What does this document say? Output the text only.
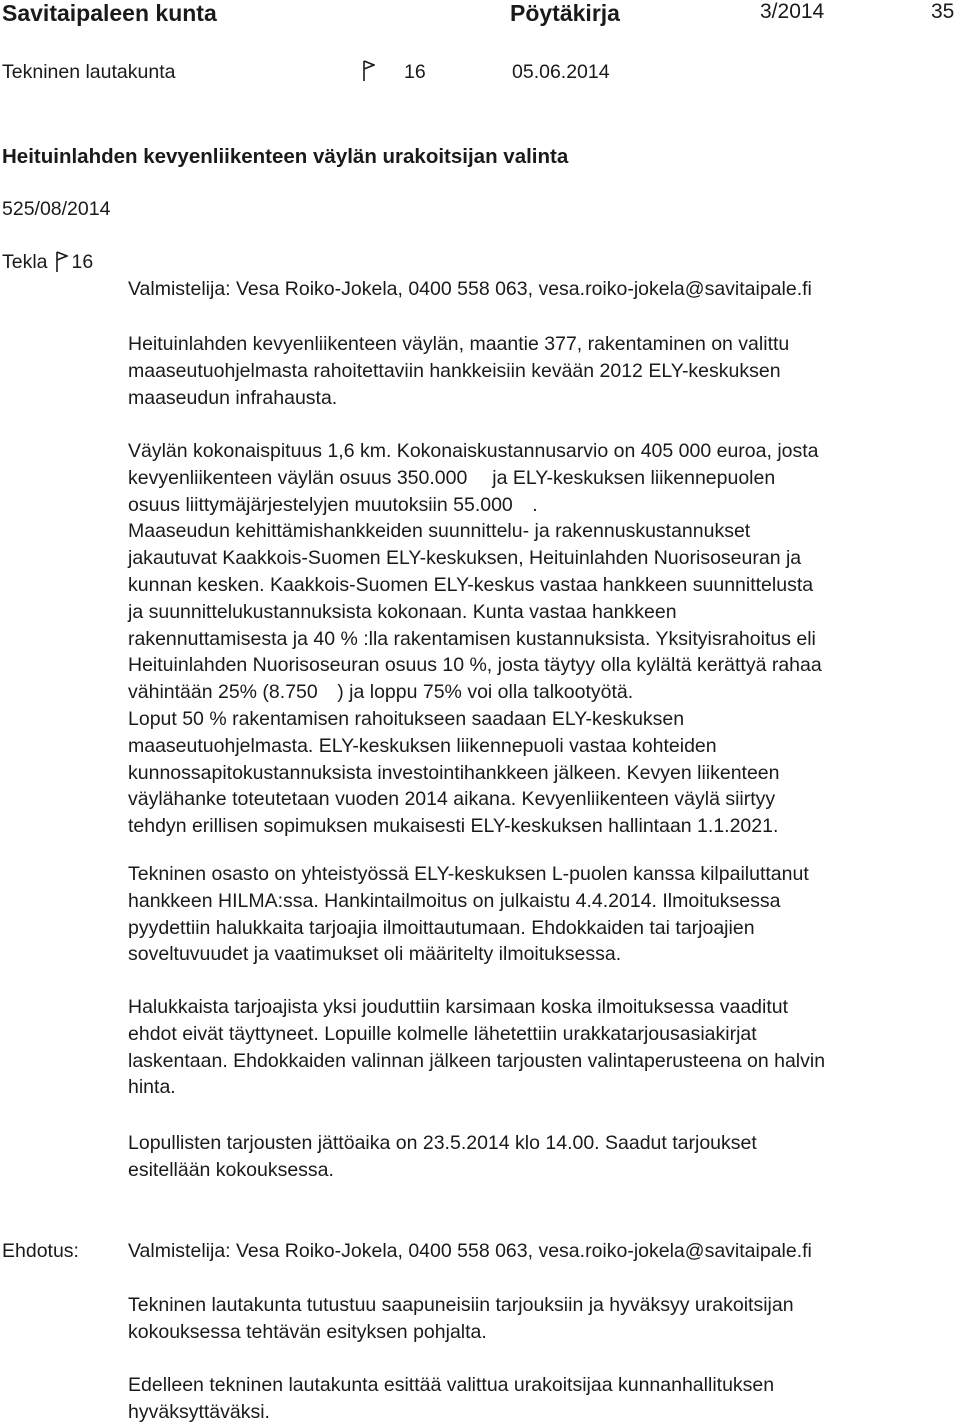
Savitaipaleen kunta	Pöytäkirja	3/2014	35
Tekninen lautakunta	16	05.06.2014
Heituinlahden kevyenliikenteen väylän urakoitsijan valinta
525/08/2014
Tekla 16
Valmistelija: Vesa Roiko-Jokela, 0400 558 063, vesa.roiko-jokela@savitaipale.fi
Heituinlahden kevyenliikenteen väylän, maantie 377, rakentaminen on valittu
maaseutuohjelmasta rahoitettaviin hankkeisiin kevään 2012 ELY-keskuksen
maaseudun infrahausta.
Väylän kokonaispituus 1,6 km. Kokonaiskustannusarvio on 405 000 euroa, josta
kevyenliikenteen väylän osuus 350.000  ja ELY-keskuksen liikennepuolen
osuus liittymäjärjestelyjen muutoksiin 55.000  .
Maaseudun kehittämishankkeiden suunnittelu- ja rakennuskustannukset
jakautuvat Kaakkois-Suomen ELY-keskuksen, Heituinlahden Nuorisoseuran ja
kunnan kesken. Kaakkois-Suomen ELY-keskus vastaa hankkeen suunnittelusta
ja suunnittelukustannuksista kokonaan. Kunta vastaa hankkeen
rakennuttamisesta ja 40 % :lla rakentamisen kustannuksista. Yksityisrahoitus eli
Heituinlahden Nuorisoseuran osuus 10 %, josta täytyy olla kylältä kerättyä rahaa
vähintään 25% (8.750  ) ja loppu 75% voi olla talkootyötä.
Loput 50 % rakentamisen rahoitukseen saadaan ELY-keskuksen
maaseutuohjelmasta. ELY-keskuksen liikennepuoli vastaa kohteiden
kunnossapitokustannuksista investointihankkeen jälkeen. Kevyen liikenteen
väylähanke toteutetaan vuoden 2014 aikana. Kevyenliikenteen väylä siirtyy
tehdyn erillisen sopimuksen mukaisesti ELY-keskuksen hallintaan 1.1.2021.
Tekninen osasto on yhteistyössä ELY-keskuksen L-puolen kanssa kilpailuttanut
hankkeen HILMA:ssa. Hankintailmoitus on julkaistu 4.4.2014. Ilmoituksessa
pyydettiin halukkaita tarjoajia ilmoittautumaan. Ehdokkaiden tai tarjoajien
soveltuvuudet ja vaatimukset oli määritelty ilmoituksessa.
Halukkaista tarjoajista yksi jouduttiin karsimaan koska ilmoituksessa vaaditut
ehdot eivät täyttyneet. Lopuille kolmelle lähetettiin urakkatarjousasiakirjat
laskentaan. Ehdokkaiden valinnan jälkeen tarjousten valintaperusteena on halvin
hinta.
Lopullisten tarjousten jättöaika on 23.5.2014 klo 14.00. Saadut tarjoukset
esitellään kokouksessa.
Ehdotus:	Valmistelija: Vesa Roiko-Jokela, 0400 558 063, vesa.roiko-jokela@savitaipale.fi
Tekninen lautakunta tutustuu saapuneisiin tarjouksiin ja hyväksyy urakoitsijan
kokouksessa tehtävän esityksen pohjalta.
Edelleen tekninen lautakunta esittää valittua urakoitsijaa kunnanhallituksen
hyväksyttäväksi.
